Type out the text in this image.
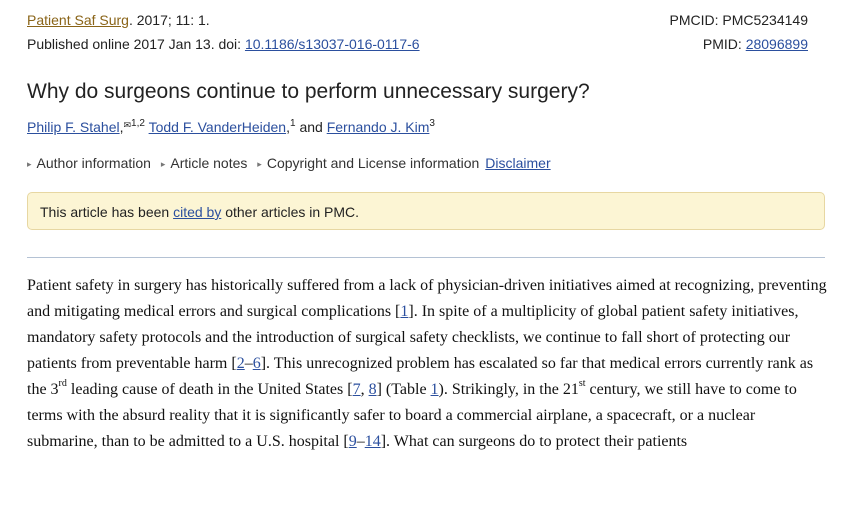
Patient Saf Surg. 2017; 11: 1.	PMCID: PMC5234149
Published online 2017 Jan 13. doi: 10.1186/s13037-016-0117-6	PMID: 28096899
Why do surgeons continue to perform unnecessary surgery?
Philip F. Stahel,$^{✉1,2}$ Todd F. VanderHeiden,$^1$ and Fernando J. Kim$^3$
▸ Author information ▸ Article notes ▸ Copyright and License information Disclaimer
This article has been cited by other articles in PMC.
Patient safety in surgery has historically suffered from a lack of physician-driven initiatives aimed at recognizing, preventing and mitigating medical errors and surgical complications [1]. In spite of a multiplicity of global patient safety initiatives, mandatory safety protocols and the introduction of surgical safety checklists, we continue to fall short of protecting our patients from preventable harm [2–6]. This unrecognized problem has escalated so far that medical errors currently rank as the 3rd leading cause of death in the United States [7, 8] (Table 1). Strikingly, in the 21st century, we still have to come to terms with the absurd reality that it is significantly safer to board a commercial airplane, a spacecraft, or a nuclear submarine, than to be admitted to a U.S. hospital [9–14]. What can surgeons do to protect their patients
